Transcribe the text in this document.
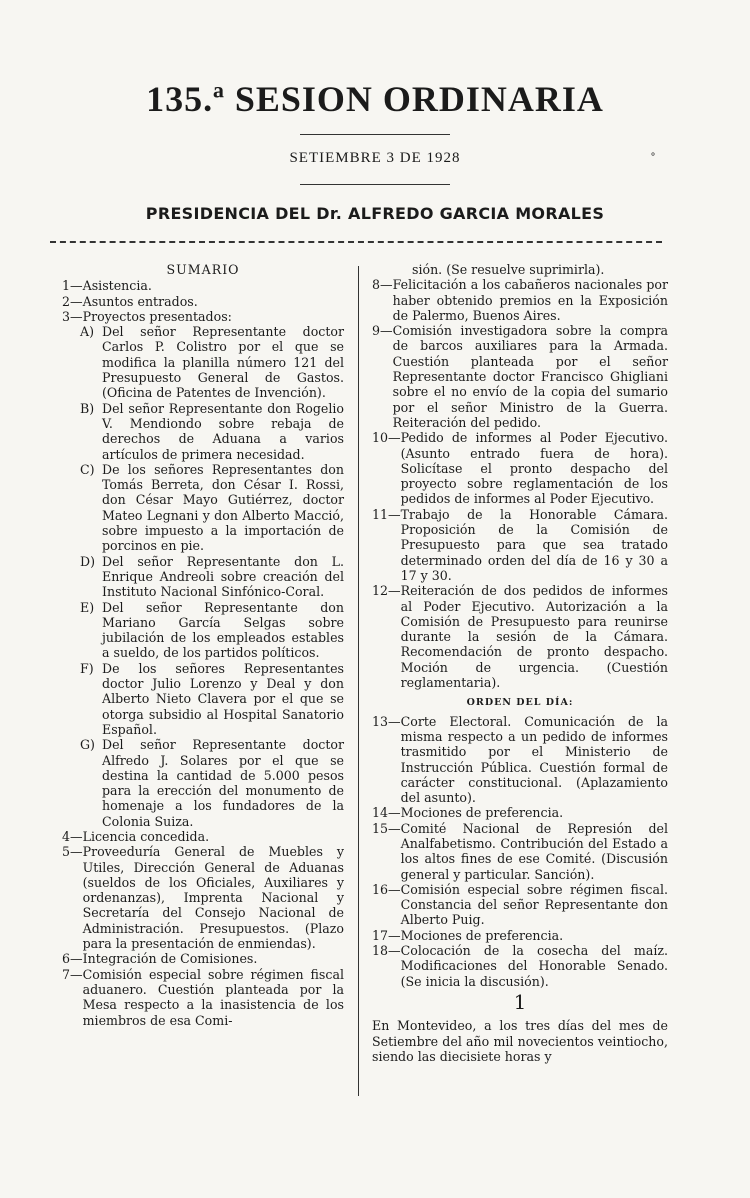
135.ª SESION ORDINARIA
SETIEMBRE 3 DE 1928
PRESIDENCIA DEL Dr. ALFREDO GARCIA MORALES
˚
SUMARIO
1— Asistencia.
2— Asuntos entrados.
3— Proyectos presentados:
A) Del señor Representante doctor Carlos P. Colistro por el que se modifica la planilla número 121 del Presupuesto General de Gastos. (Oficina de Patentes de Invención).
B) Del señor Representante don Rogelio V. Mendiondo sobre rebaja de derechos de Aduana a varios artículos de primera necesidad.
C) De los señores Representantes don Tomás Berreta, don César I. Rossi, don César Mayo Gutiérrez, doctor Mateo Legnani y don Alberto Macció, sobre impuesto a la importación de porcinos en pie.
D) Del señor Representante don L. Enrique Andreoli sobre creación del Instituto Nacional Sinfónico-Coral.
E) Del señor Representante don Mariano García Selgas sobre jubilación de los empleados estables a sueldo, de los partidos políticos.
F) De los señores Representantes doctor Julio Lorenzo y Deal y don Alberto Nieto Clavera por el que se otorga subsidio al Hospital Sanatorio Español.
G) Del señor Representante doctor Alfredo J. Solares por el que se destina la cantidad de 5.000 pesos para la erección del monumento de homenaje a los fundadores de la Colonia Suiza.
4— Licencia concedida.
5— Proveeduría General de Muebles y Utiles, Dirección General de Aduanas (sueldos de los Oficiales, Auxiliares y ordenanzas), Imprenta Nacional y Secretaría del Consejo Nacional de Administración. Presupuestos. (Plazo para la presentación de enmiendas).
6— Integración de Comisiones.
7— Comisión especial sobre régimen fiscal aduanero. Cuestión planteada por la Mesa respecto a la inasistencia de los miembros de esa Comi-
sión. (Se resuelve suprimirla).
8— Felicitación a los cabañeros nacionales por haber obtenido premios en la Exposición de Palermo, Buenos Aires.
9— Comisión investigadora sobre la compra de barcos auxiliares para la Armada. Cuestión planteada por el señor Representante doctor Francisco Ghigliani sobre el no envío de la copia del sumario por el señor Ministro de la Guerra. Reiteración del pedido.
10— Pedido de informes al Poder Ejecutivo. (Asunto entrado fuera de hora). Solicítase el pronto despacho del proyecto sobre reglamentación de los pedidos de informes al Poder Ejecutivo.
11— Trabajo de la Honorable Cámara. Proposición de la Comisión de Presupuesto para que sea tratado determinado orden del día de 16 y 30 a 17 y 30.
12— Reiteración de dos pedidos de informes al Poder Ejecutivo. Autorización a la Comisión de Presupuesto para reunirse durante la sesión de la Cámara. Recomendación de pronto despacho. Moción de urgencia. (Cuestión reglamentaria).
ORDEN DEL DÍA:
13— Corte Electoral. Comunicación de la misma respecto a un pedido de informes trasmitido por el Ministerio de Instrucción Pública. Cuestión formal de carácter constitucional. (Aplazamiento del asunto).
14— Mociones de preferencia.
15— Comité Nacional de Represión del Analfabetismo. Contribución del Estado a los altos fines de ese Comité. (Discusión general y particular. Sanción).
16— Comisión especial sobre régimen fiscal. Constancia del señor Representante don Alberto Puig.
17— Mociones de preferencia.
18— Colocación de la cosecha del maíz. Modificaciones del Honorable Senado. (Se inicia la discusión).
1

En Montevideo, a los tres días del mes de Setiembre del año mil novecientos veintiocho, siendo las diecisiete horas y
